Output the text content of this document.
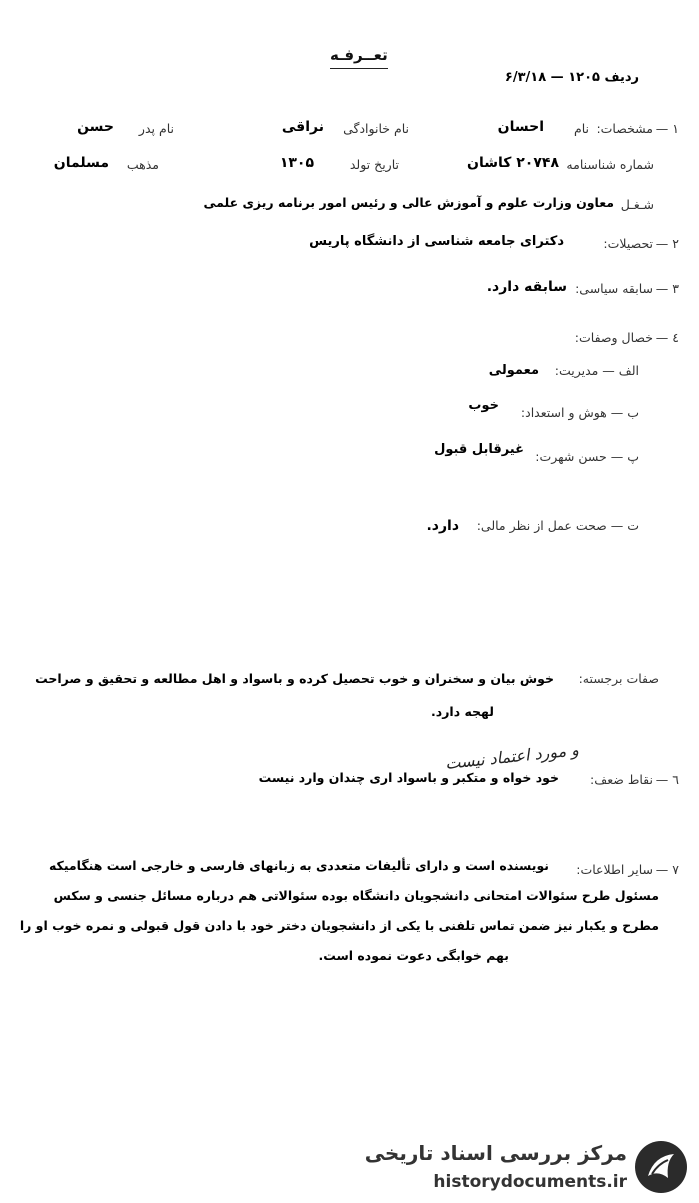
تعــرفـه
ردیف ۱۲۰۵ — ۶/۳/۱۸
۱ —
مشخصات:
نام
احسان
نام خانوادگی
نراقی
نام پدر
حسن
شماره شناسنامه
۲۰۷۴۸ کاشان
تاریخ تولد
۱۳۰۵
مذهب
مسلمان
شـغـل
معاون وزارت علوم و آموزش عالی و رئیس امور برنامه ریزی علمی
۲ —
تحصیلات:
دکترای جامعه شناسی از دانشگاه پاریس
۳ —
سابقه سیاسی:
سابقه دارد.
٤ —
خصال وصفات:
الف — مدیریت:
معمولی
ب — هوش و استعداد:
خوب
پ — حسن شهرت:
غیرقابل قبول
ت — صحت عمل از نظر مالی:
دارد.
صفات برجسته:
خوش بیان و سخنران و خوب تحصیل کرده و باسواد و اهل مطالعه و تحقیق و صراحت
لهجه دارد.
٦ —
نقاط ضعف:
خود خواه و متکبر و باسواد اری چندان وارد نیست
و مورد اعتماد نیست
۷ —
سایر اطلاعات:
نویسنده است و دارای تألیفات متعددی به زبانهای فارسی و خارجی است هنگامیکه
مسئول طرح سئوالات امتحانی دانشجویان دانشگاه بوده سئوالاتی هم درباره مسائل جنسی و سکس
مطرح و یکبار نیز ضمن تماس تلفنی با یکی از دانشجویان دختر خود با دادن قول قبولی و نمره خوب او را
بهم خوابگی دعوت نموده است.
مرکز بررسی اسناد تاریخی
historydocuments.ir
